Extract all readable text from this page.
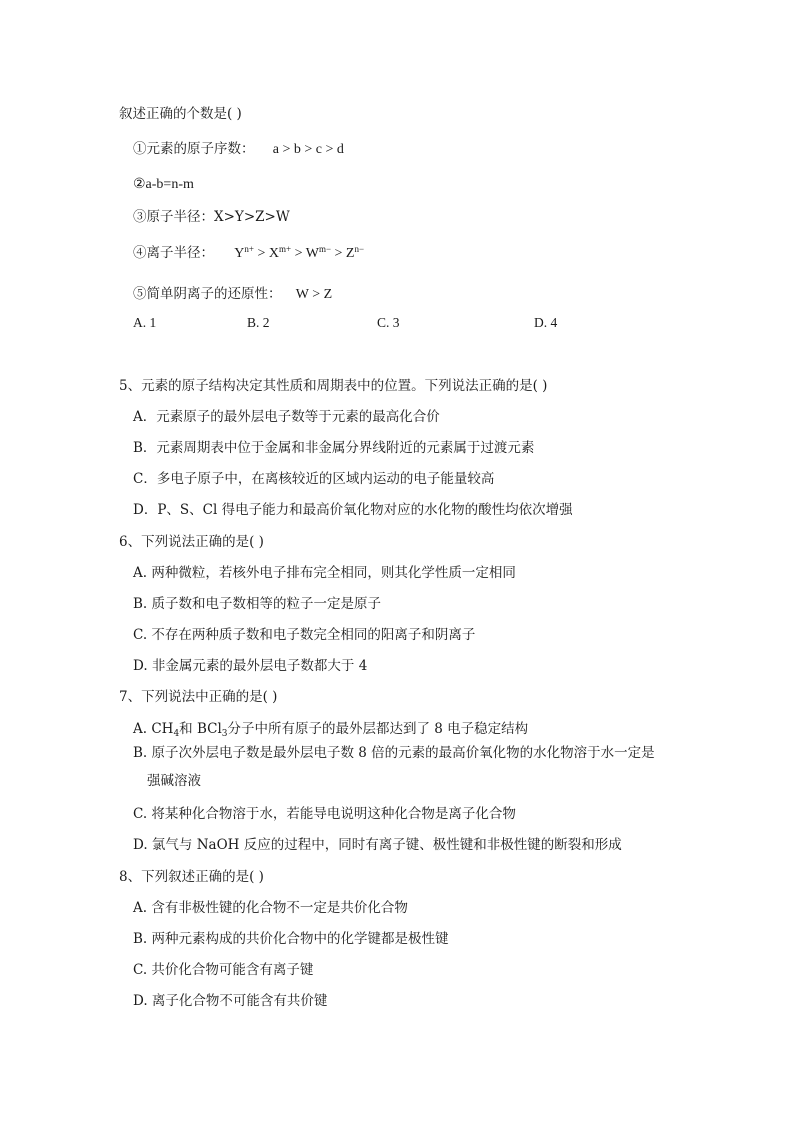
叙述正确的个数是( )
①元素的原子序数： a > b > c > d
②a-b=n-m
③原子半径：X>Y>Z>W
④离子半径： $Y^{n+} > X^{m+} > W^{m-} > Z^{n-}$
⑤简单阴离子的还原性： W > Z
A. 1	B. 2	C. 3	D. 4
5、元素的原子结构决定其性质和周期表中的位置。下列说法正确的是( )
A．元素原子的最外层电子数等于元素的最高化合价
B．元素周期表中位于金属和非金属分界线附近的元素属于过渡元素
C．多电子原子中，在离核较近的区域内运动的电子能量较高
D．P、S、Cl 得电子能力和最高价氧化物对应的水化物的酸性均依次增强
6、下列说法正确的是( )
A. 两种微粒，若核外电子排布完全相同，则其化学性质一定相同
B. 质子数和电子数相等的粒子一定是原子
C. 不存在两种质子数和电子数完全相同的阳离子和阴离子
D. 非金属元素的最外层电子数都大于 4
7、下列说法中正确的是( )
A. $CH_4$和 BCl$_3$分子中所有原子的最外层都达到了 8 电子稳定结构
B. 原子次外层电子数是最外层电子数 8 倍的元素的最高价氧化物的水化物溶于水一定是
强碱溶液
C. 将某种化合物溶于水，若能导电说明这种化合物是离子化合物
D. 氯气与 NaOH 反应的过程中，同时有离子键、极性键和非极性键的断裂和形成
8、下列叙述正确的是( )
A. 含有非极性键的化合物不一定是共价化合物
B. 两种元素构成的共价化合物中的化学键都是极性键
C. 共价化合物可能含有离子键
D. 离子化合物不可能含有共价键
